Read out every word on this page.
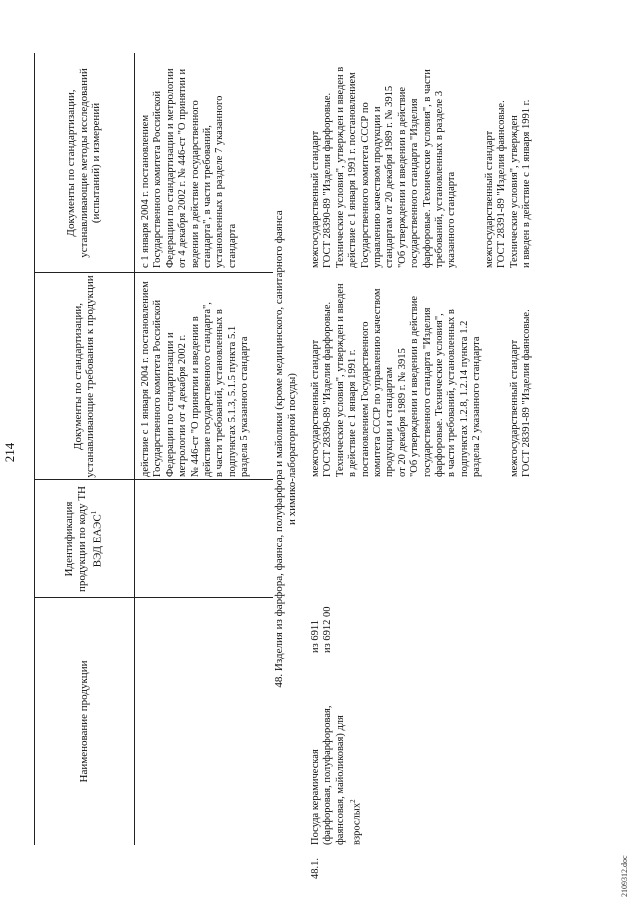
214
Наименование продукции
Идентификация продукции по коду ТН ВЭД ЕАЭС$^1$
Документы по стандартизации, устанавливающие требования к продукции
Документы по стандартизации, устанавливающие методы исследований (испытаний) и измерений
действие с 1 января 2004 г. постановлением
Государственного комитета Российской
Федерации по стандартизации и
метрологии от 4 декабря 2002 г.
№ 446-ст "О принятии и введении в
действие государственного стандарта",
в части требований, установленных в
подпунктах 5.1.3, 5.1.5 пункта 5.1
раздела 5 указанного стандарта
с 1 января 2004 г. постановлением
Государственного комитета Российской
Федерации по стандартизации и метрологии
от 4 декабря 2002 г. № 446-ст "О принятии и
ведении в действие государственного
стандарта", в части требований,
установленных в разделе 7 указанного
стандарта
48. Изделия из фарфора, фаянса, полуфарфора и майолики (кроме медицинского, санитарного фаянса
и химико-лабораторной посуды)
48.1.
Посуда керамическая
(фарфоровая, полуфарфоровая,
фаянсовая, майоликовая) для
взрослых$^2$
из 6911
из 6912 00
межгосударственный стандарт
ГОСТ 28390-89 "Изделия фарфоровые.
Технические условия", утвержден и введен
в действие с 1 января 1991 г.
постановлением Государственного
комитета СССР по управлению качеством
продукции и стандартам
от 20 декабря 1989 г. № 3915
"Об утверждении и введении в действие
государственного стандарта "Изделия
фарфоровые. Технические условия",
в части требований, установленных в
подпунктах 1.2.8, 1.2.14 пункта 1.2
раздела 2 указанного стандарта

межгосударственный стандарт
ГОСТ 28391-89 "Изделия фаянсовые.
межгосударственный стандарт
ГОСТ 28390-89 "Изделия фарфоровые.
Технические условия", утвержден и введен в
действие с 1 января 1991 г. постановлением
Государственного комитета СССР по
управлению качеством продукции и
стандартам от 20 декабря 1989 г. № 3915
"Об утверждении и введении в действие
государственного стандарта "Изделия
фарфоровые. Технические условия", в части
требований, установленных в разделе 3
указанного стандарта

межгосударственный стандарт
ГОСТ 28391-89 "Изделия фаянсовые.
Технические условия", утвержден
и введен в действие с 1 января 1991 г.
2109312.doc
